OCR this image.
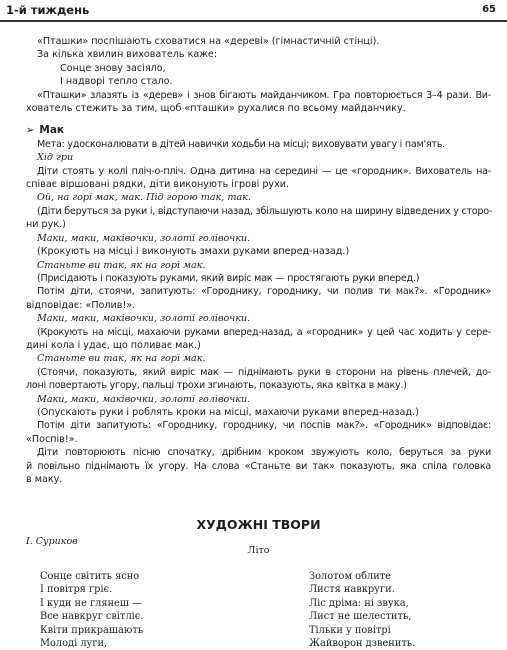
1-й тиждень	65
«Пташки» поспішають сховатися на «дереві» (гімнастичній стінці).
За кілька хвилин вихователь каже:
Сонце знову засіяло,
І надворі тепло стало.
«Пташки» злазять із «дерев» і знов бігають майданчиком. Гра повторюється 3–4 рази. Ви-
хователь стежить за тим, щоб «пташки» рухалися по всьому майданчику.
➢ Мак
Мета: удосконалювати в дітей навички ходьби на місці; виховувати увагу і пам'ять.
Хід гри
Діти стоять у колі пліч-о-пліч. Одна дитина на середині — це «городник». Вихователь на-
співає віршовані рядки, діти виконують ігрові рухи.
Ой, на горі мак, мак. Під горою так, так.
(Діти беруться за руки і, відступаючи назад, збільшують коло на ширину відведених у сторо-
ни рук.)
Маки, маки, маківочки, золоті голівочки.
(Крокують на місці і виконують змахи руками вперед-назад.)
Станьте ви так, як на горі мак.
(Присідають і показують руками, який виріс мак — простягають руки вперед.)
Потім діти, стоячи, запитують: «Городнику, городнику, чи полив ти мак?». «Городник»
відповідає: «Полив!».
Маки, маки, маківочки, золоті голівочки.
(Крокують на місці, махаючи руками вперед-назад, а «городник» у цей час ходить у сере-
дині кола і удає, що поливає мак.)
Станьте ви так, як на горі мак.
(Стоячи, показують, який виріс мак — піднімають руки в сторони на рівень плечей, до-
лоні повертають угору, пальці трохи згинають, показують, яка квітка в маку.)
Маки, маки, маківочки, золоті голівочки.
(Опускають руки і роблять кроки на місці, махаючи руками вперед-назад.)
Потім діти запитують: «Городнику, городнику, чи поспів мак?». «Городник» відповідає:
«Поспів!».
Діти повторюють пісню спочатку, дрібним кроком звужують коло, беруться за руки
й повільно піднімають їх угору. На слова «Станьте ви так» показують, яка спіла головка
в маку.
ХУДОЖНІ ТВОРИ
І. Суриков
Літо
Сонце світить ясно
І повітря гріє.
І куди не глянеш —
Все навкруг світліє.
Квіти прикрашають
Молоді луги,
Золотом облите
Листя навкруги.
Ліс дріма: ні звука,
Лист не шелестить,
Тільки у повітрі
Жайворон дзвенить.
